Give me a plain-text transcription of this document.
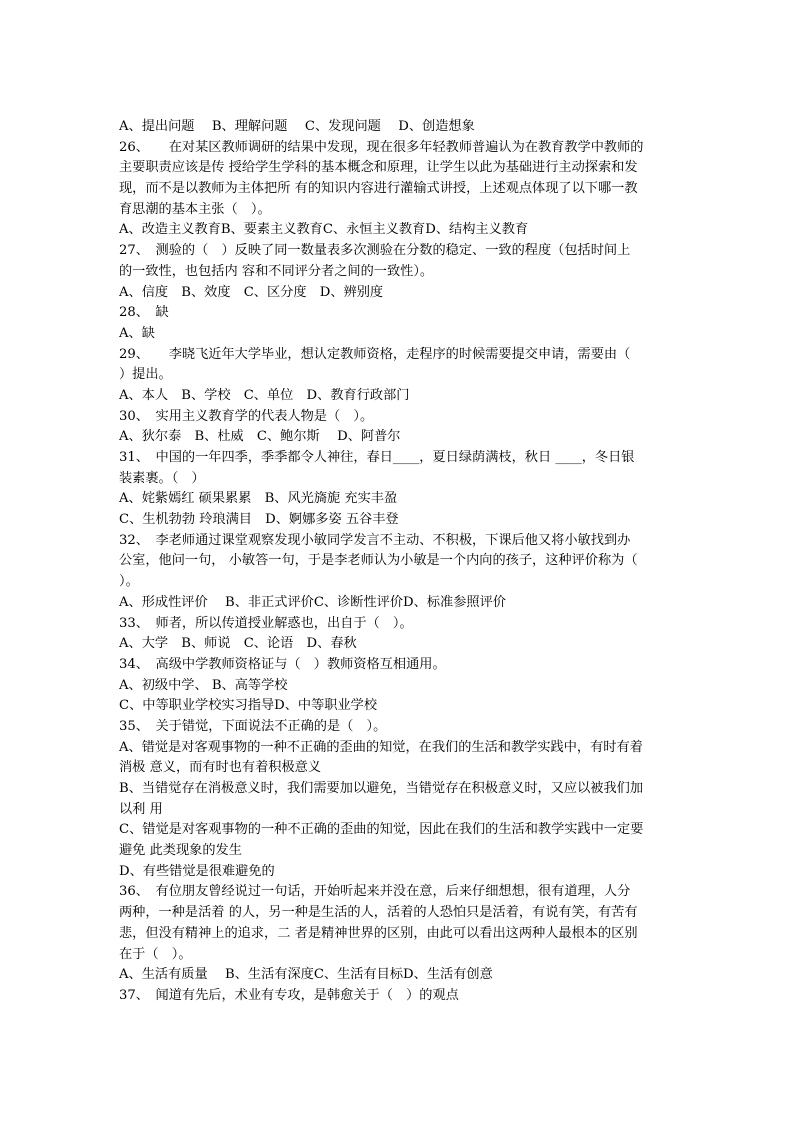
A、提出问题　 B、理解问题　 C、发现问题　 D、创造想象
26、　　在对某区教师调研的结果中发现，现在很多年轻教师普遍认为在教育教学中教师的
主要职责应该是传 授给学生学科的基本概念和原理，让学生以此为基础进行主动探索和发
现，而不是以教师为主体把所 有的知识内容进行灌输式讲授，上述观点体现了以下哪一教
育思潮的基本主张（　）。
A、改造主义教育B、要素主义教育C、永恒主义教育D、结构主义教育
27、　测验的（　）反映了同一数量表多次测验在分数的稳定、一致的程度（包括时间上
的一致性，也包括内 容和不同评分者之间的一致性）。
A、信度　B、效度　C、区分度　D、辨别度
28、　缺
A、缺
29、　　李晓飞近年大学毕业，想认定教师资格，走程序的时候需要提交申请，需要由（
）提出。
A、本人　B、学校　C、单位　D、教育行政部门
30、　实用主义教育学的代表人物是（　）。
A、狄尔泰　B、杜威　C、鲍尔斯　 D、阿普尔
31、　中国的一年四季，季季都令人神往，春日____，夏日绿荫满枝，秋日 ____，冬日银
装素裹。（　）
A、姹紫嫣红 硕果累累　B、风光旖旎 充实丰盈
C、生机勃勃 玲琅满目　D、婀娜多姿 五谷丰登
32、　李老师通过课堂观察发现小敏同学发言不主动、不积极，下课后他又将小敏找到办
公室，他问一句， 小敏答一句，于是李老师认为小敏是一个内向的孩子，这种评价称为（
）。
A、形成性评价　 B、非正式评价C、诊断性评价D、标准参照评价
33、　师者，所以传道授业解惑也，出自于（　）。
A、大学　B、师说　C、论语　D、春秋
34、　高级中学教师资格证与（　）教师资格互相通用。
A、初级中学、 B、高等学校
C、中等职业学校实习指导D、中等职业学校
35、　关于错觉，下面说法不正确的是（　）。
A、错觉是对客观事物的一种不正确的歪曲的知觉，在我们的生活和教学实践中，有时有着
消极 意义，而有时也有着积极意义
B、当错觉存在消极意义时，我们需要加以避免，当错觉存在积极意义时，又应以被我们加
以利 用
C、错觉是对客观事物的一种不正确的歪曲的知觉，因此在我们的生活和教学实践中一定要
避免 此类现象的发生
D、有些错觉是很难避免的
36、　有位朋友曾经说过一句话，开始听起来并没在意，后来仔细想想，很有道理，人分
两种，一种是活着 的人，另一种是生活的人，活着的人恐怕只是活着，有说有笑，有苦有
悲，但没有精神上的追求，二 者是精神世界的区别，由此可以看出这两种人最根本的区别
在于（　）。
A、生活有质量　 B、生活有深度C、生活有目标D、生活有创意
37、　闻道有先后，术业有专攻，是韩愈关于（　）的观点
